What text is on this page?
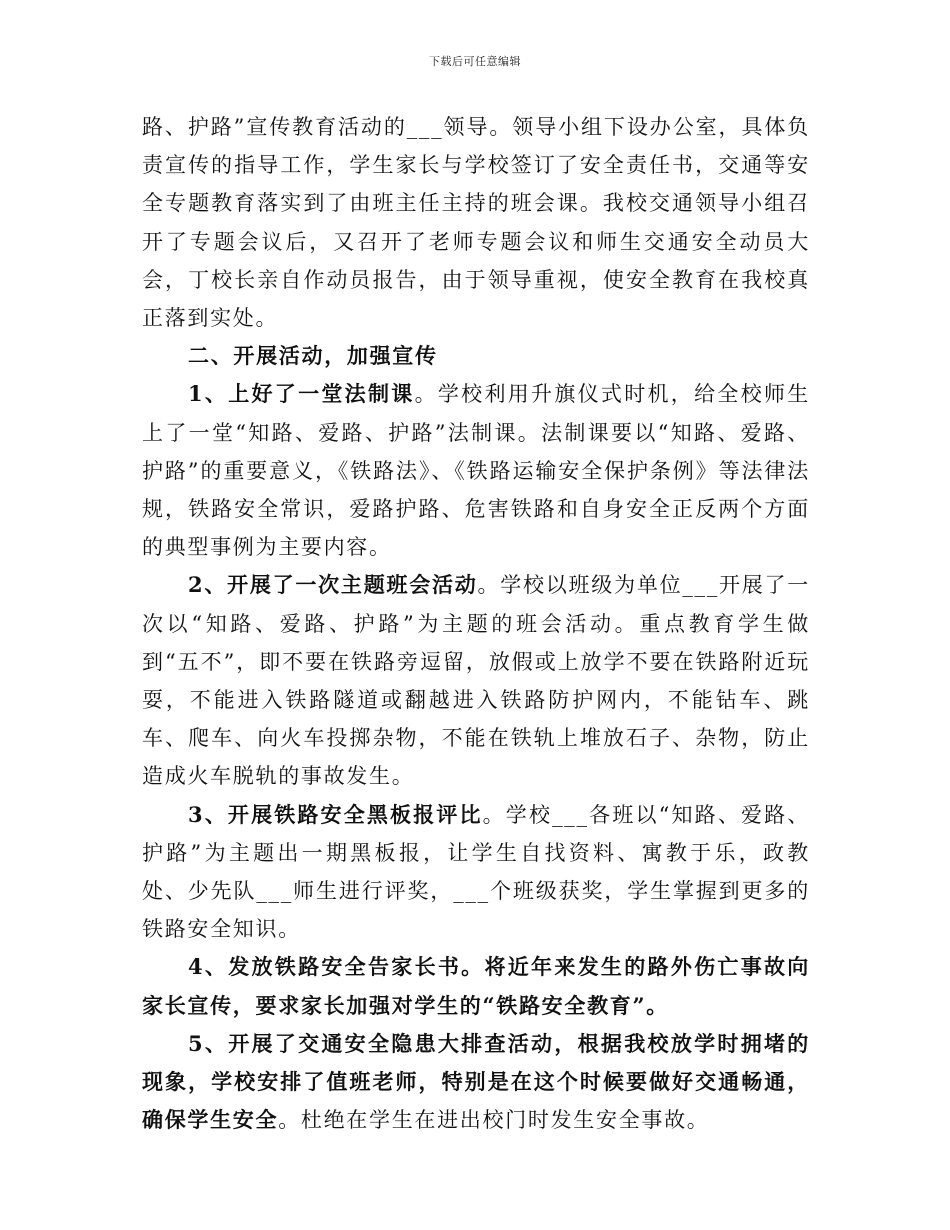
下载后可任意编辑

路、护路”宣传教育活动的___领导。领导小组下设办公室，具体负责宣传的指导工作，学生家长与学校签订了安全责任书，交通等安全专题教育落实到了由班主任主持的班会课。我校交通领导小组召开了专题会议后，又召开了老师专题会议和师生交通安全动员大会，丁校长亲自作动员报告，由于领导重视，使安全教育在我校真正落到实处。

二、开展活动，加强宣传

1、上好了一堂法制课。学校利用升旗仪式时机，给全校师生上了一堂“知路、爱路、护路”法制课。法制课要以“知路、爱路、护路”的重要意义，《铁路法》、《铁路运输安全保护条例》等法律法规，铁路安全常识，爱路护路、危害铁路和自身安全正反两个方面的典型事例为主要内容。

2、开展了一次主题班会活动。学校以班级为单位___开展了一次以“知路、爱路、护路”为主题的班会活动。重点教育学生做到“五不”，即不要在铁路旁逗留，放假或上放学不要在铁路附近玩耍，不能进入铁路隧道或翻越进入铁路防护网内，不能钻车、跳车、爬车、向火车投掷杂物，不能在铁轨上堆放石子、杂物，防止造成火车脱轨的事故发生。

3、开展铁路安全黑板报评比。学校___各班以“知路、爱路、护路”为主题出一期黑板报，让学生自找资料、寓教于乐，政教处、少先队___师生进行评奖，___个班级获奖，学生掌握到更多的铁路安全知识。

4、发放铁路安全告家长书。将近年来发生的路外伤亡事故向家长宣传，要求家长加强对学生的“铁路安全教育”。

5、开展了交通安全隐患大排查活动，根据我校放学时拥堵的现象，学校安排了值班老师，特别是在这个时候要做好交通畅通，确保学生安全。杜绝在学生在进出校门时发生安全事故。
